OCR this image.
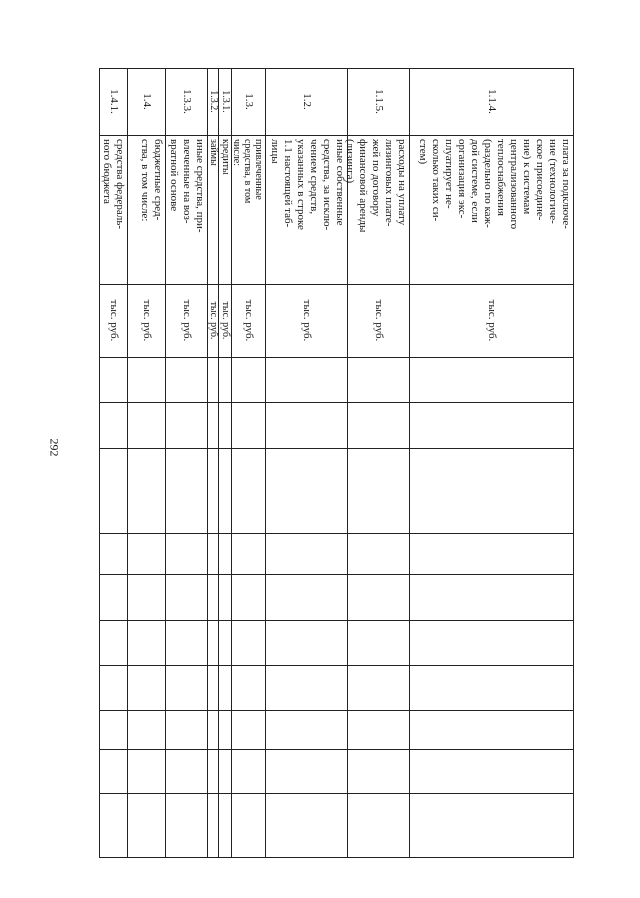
292
1.1.4.
плата за подключе-
ние (технологиче-
ское присоедине-
ние) к системам
централизованного
теплоснабжения
(раздельно по каж-
дой системе, если
организация экс-
плуатирует не-
сколько таких си-
стем)
тыс. руб.
1.1.5.
расходы на уплату
лизинговых плате-
жей по договору
финансовой аренды
(лизинга)
тыс. руб.
1.2.
иные собственные
средства, за исклю-
чением средств,
указанных в строке
1.1 настоящей таб-
лицы
тыс. руб.
1.3.
привлеченные
средства, в том
числе:
тыс. руб.
1.3.1.
кредиты
тыс. руб.
1.3.2.
займы
тыс. руб.
1.3.3.
иные средства, при-
влеченные на воз-
вратной основе
тыс. руб.
1.4.
бюджетные сред-
ства, в том числе:
тыс. руб.
1.4.1.
средства федераль-
ного бюджета
тыс. руб.
